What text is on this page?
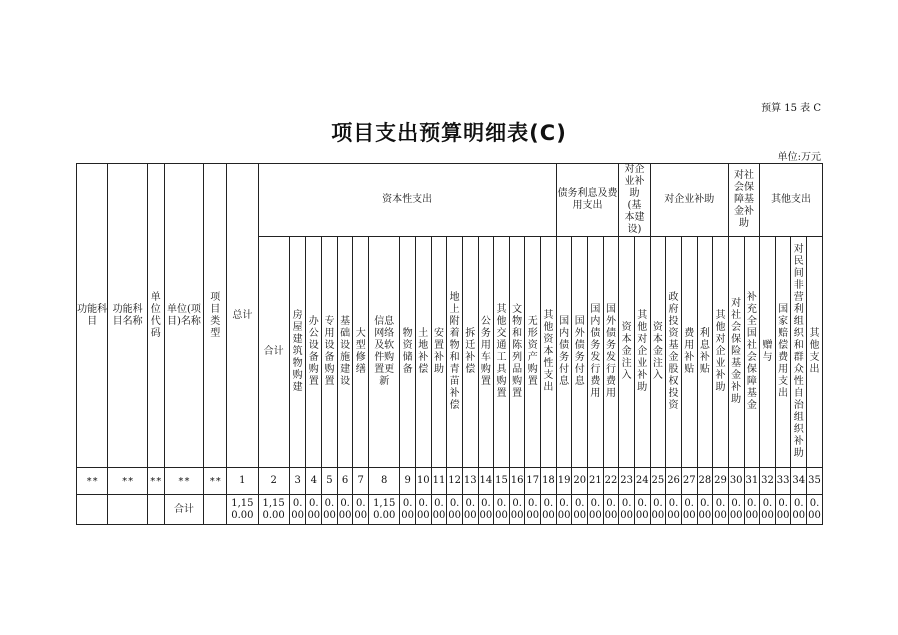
预算 15 表 C
项目支出预算明细表(C)
单位:万元
功能科目	功能科目名称	单位代码	单位(项目)名称	项目类型	总计	资本性支出																	债务利息及费用支出				对企业补助(基本建设)		对企业补助					对社会保障基金补助		其他支出			

						合计	房屋建筑物购建	办公设备购置	专用设备购置	基础设施建设	大型修缮	信息网络及软件购置更新	物资储备	土地补偿	安置补助	地上附着物和青苗补偿	拆迁补偿	公务用车购置	其他交通工具购置	文物和陈列品购置	无形资产购置	其他资本性支出	国内债务付息	国外债务付息	国内债务发行费用	国外债务发行费用	资本金注入	其他对企业补助	资本金注入	政府投资基金股权投资	费用补贴	利息补贴	其他对企业补助	对社会保险基金补助	补充全国社会保障基金	赠与	国家赔偿费用支出	对民间非营利组织和群众性自治组织补助	其他支出

**	**	**	**	**	1	2	3	4	5	6	7	8	9	10	11	12	13	14	15	16	17	18	19	20	21	22	23	24	25	26	27	28	29	30	31	32	33	34	35

			合计		1,150.00	1,150.00	0.00	0.00	0.00	0.00	0.00	1,150.00	0.00	0.00	0.00	0.00	0.00	0.00	0.00	0.00	0.00	0.00	0.00	0.00	0.00	0.00	0.00	0.00	0.00	0.00	0.00	0.00	0.00	0.00	0.00	0.00	0.00	0.00	0.00
